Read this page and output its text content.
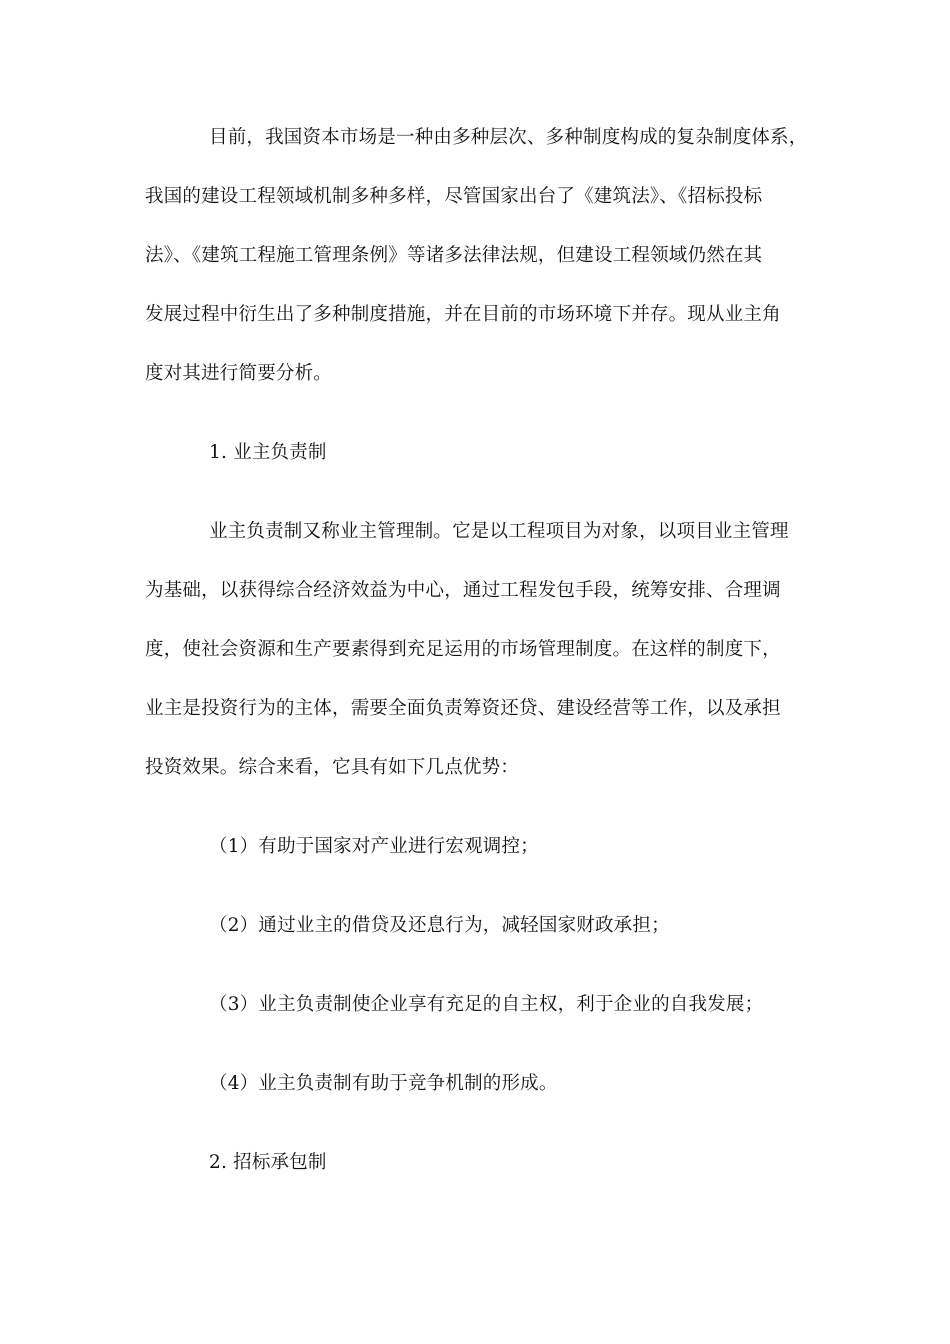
目前，我国资本市场是一种由多种层次、多种制度构成的复杂制度体系，
我国的建设工程领域机制多种多样，尽管国家出台了《建筑法》、《招标投标
法》、《建筑工程施工管理条例》等诸多法律法规，但建设工程领域仍然在其
发展过程中衍生出了多种制度措施，并在目前的市场环境下并存。现从业主角
度对其进行简要分析。
1. 业主负责制
业主负责制又称业主管理制。它是以工程项目为对象，以项目业主管理
为基础，以获得综合经济效益为中心，通过工程发包手段，统筹安排、合理调
度，使社会资源和生产要素得到充足运用的市场管理制度。在这样的制度下，
业主是投资行为的主体，需要全面负责筹资还贷、建设经营等工作，以及承担
投资效果。综合来看，它具有如下几点优势：
（1）有助于国家对产业进行宏观调控；
（2）通过业主的借贷及还息行为，减轻国家财政承担；
（3）业主负责制使企业享有充足的自主权，利于企业的自我发展；
（4）业主负责制有助于竞争机制的形成。
2. 招标承包制
